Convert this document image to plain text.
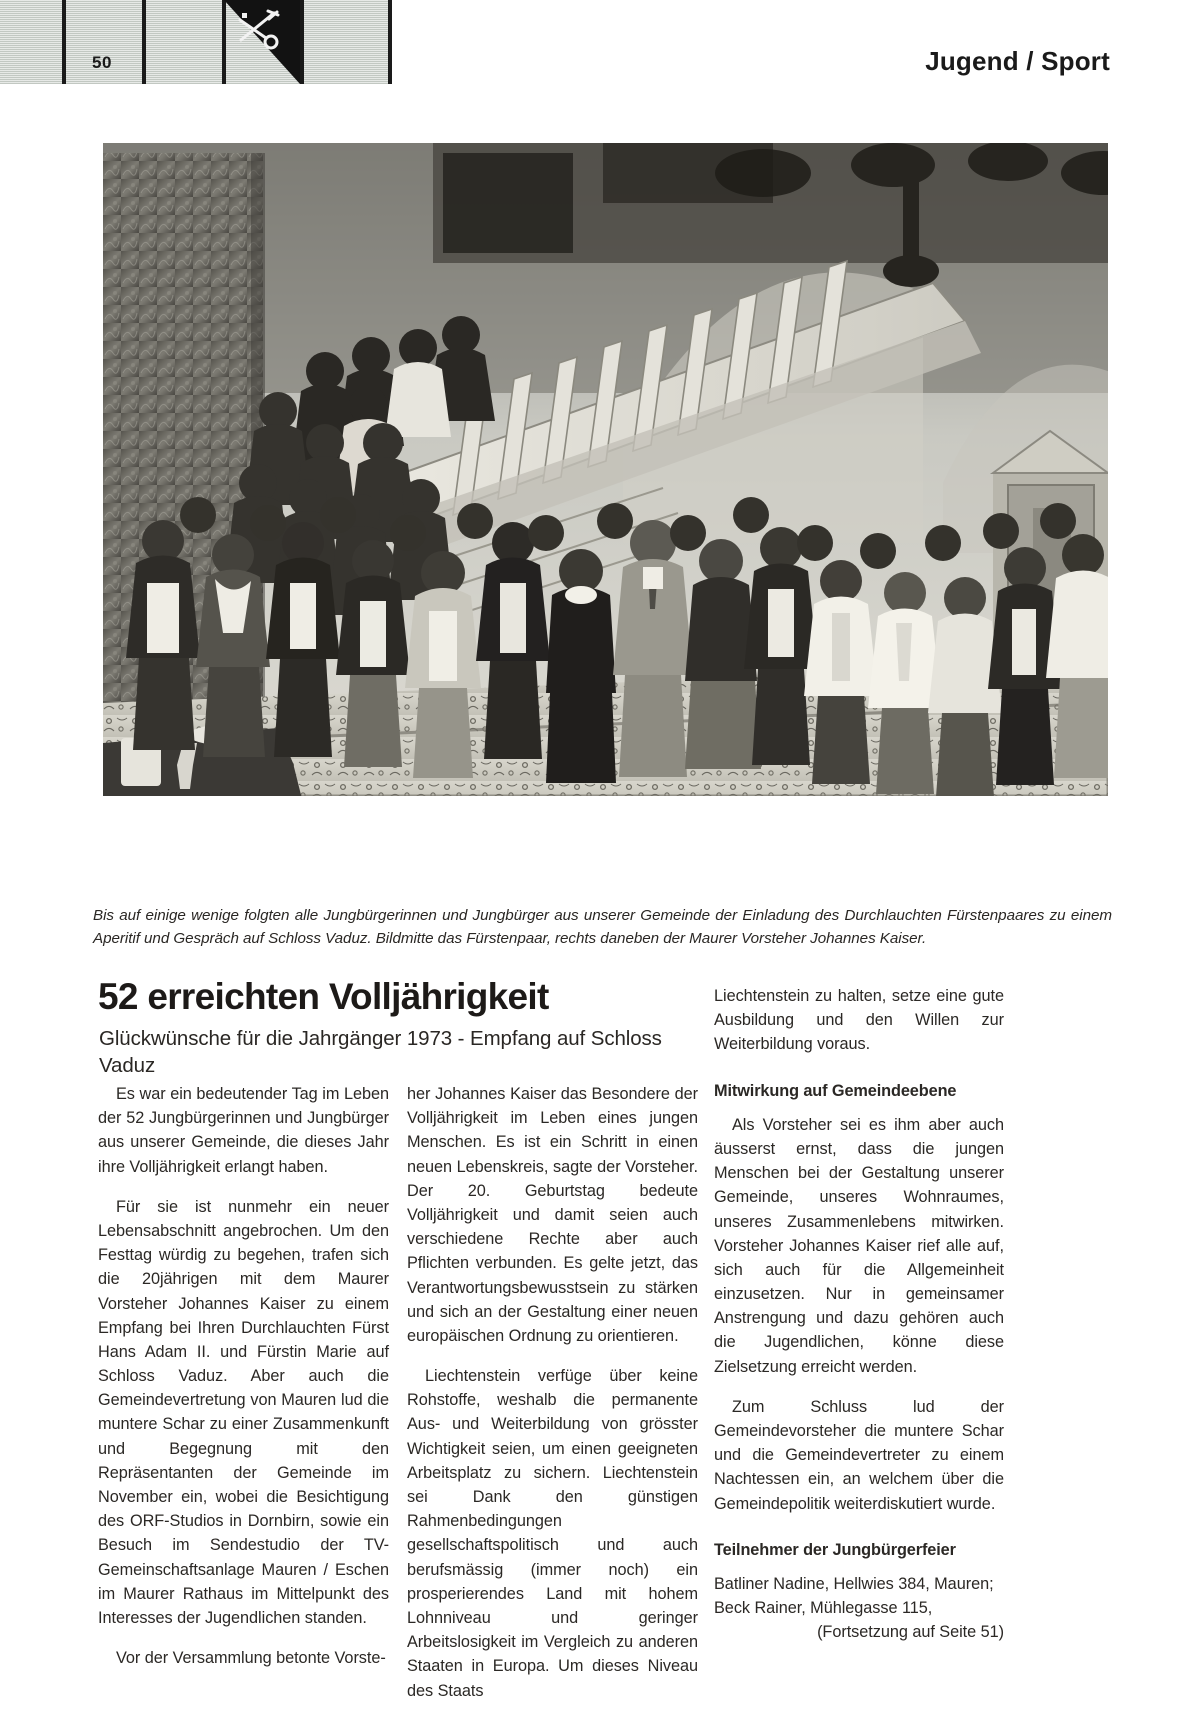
50	Jugend / Sport
Bis auf einige wenige folgten alle Jungbürgerinnen und Jungbürger aus unserer Gemeinde der Einladung des Durchlauchten Fürstenpaares zu einem Aperitif und Gespräch auf Schloss Vaduz. Bildmitte das Fürstenpaar, rechts daneben der Maurer Vorsteher Johannes Kaiser.
52 erreichten Volljährigkeit
Glückwünsche für die Jahrgänger 1973 - Empfang auf Schloss Vaduz

Es war ein bedeutender Tag im Leben der 52 Jungbürgerinnen und Jungbürger aus unserer Gemeinde, die dieses Jahr ihre Volljährigkeit erlangt haben.

Für sie ist nunmehr ein neuer Lebensabschnitt angebrochen. Um den Festtag würdig zu begehen, trafen sich die 20jährigen mit dem Maurer Vorsteher Johannes Kaiser zu einem Empfang bei Ihren Durchlauchten Fürst Hans Adam II. und Fürstin Marie auf Schloss Vaduz. Aber auch die Gemeindevertretung von Mauren lud die muntere Schar zu einer Zusammenkunft und Begegnung mit den Repräsentanten der Gemeinde im November ein, wobei die Besichtigung des ORF-Studios in Dornbirn, sowie ein Besuch im Sendestudio der TV-Gemeinschaftsanlage Mauren / Eschen im Maurer Rathaus im Mittelpunkt des Interesses der Jugendlichen standen.

Vor der Versammlung betonte Vorste-

her Johannes Kaiser das Besondere der Volljährigkeit im Leben eines jungen Menschen. Es ist ein Schritt in einen neuen Lebenskreis, sagte der Vorsteher. Der 20. Geburtstag bedeute Volljährigkeit und damit seien auch verschiedene Rechte aber auch Pflichten verbunden. Es gelte jetzt, das Verantwortungsbewusstsein zu stärken und sich an der Gestaltung einer neuen europäischen Ordnung zu orientieren.

Liechtenstein verfüge über keine Rohstoffe, weshalb die permanente Aus- und Weiterbildung von grösster Wichtigkeit seien, um einen geeigneten Arbeitsplatz zu sichern. Liechtenstein sei Dank den günstigen Rahmenbedingungen gesellschaftspolitisch und auch berufsmässig (immer noch) ein prosperierendes Land mit hohem Lohnniveau und geringer Arbeitslosigkeit im Vergleich zu anderen Staaten in Europa. Um dieses Niveau des Staats

Liechtenstein zu halten, setze eine gute Ausbildung und den Willen zur Weiterbildung voraus.

Mitwirkung auf Gemeindeebene

Als Vorsteher sei es ihm aber auch äusserst ernst, dass die jungen Menschen bei der Gestaltung unserer Gemeinde, unseres Wohnraumes, unseres Zusammenlebens mitwirken. Vorsteher Johannes Kaiser rief alle auf, sich auch für die Allgemeinheit einzusetzen. Nur in gemeinsamer Anstrengung und dazu gehören auch die Jugendlichen, könne diese Zielsetzung erreicht werden.

Zum Schluss lud der Gemeindevorsteher die muntere Schar und die Gemeindevertreter zu einem Nachtessen ein, an welchem über die Gemeindepolitik weiterdiskutiert wurde.

Teilnehmer der Jungbürgerfeier

Batliner Nadine, Hellwies 384, Mauren;

Beck Rainer, Mühlegasse 115,

(Fortsetzung auf Seite 51)
